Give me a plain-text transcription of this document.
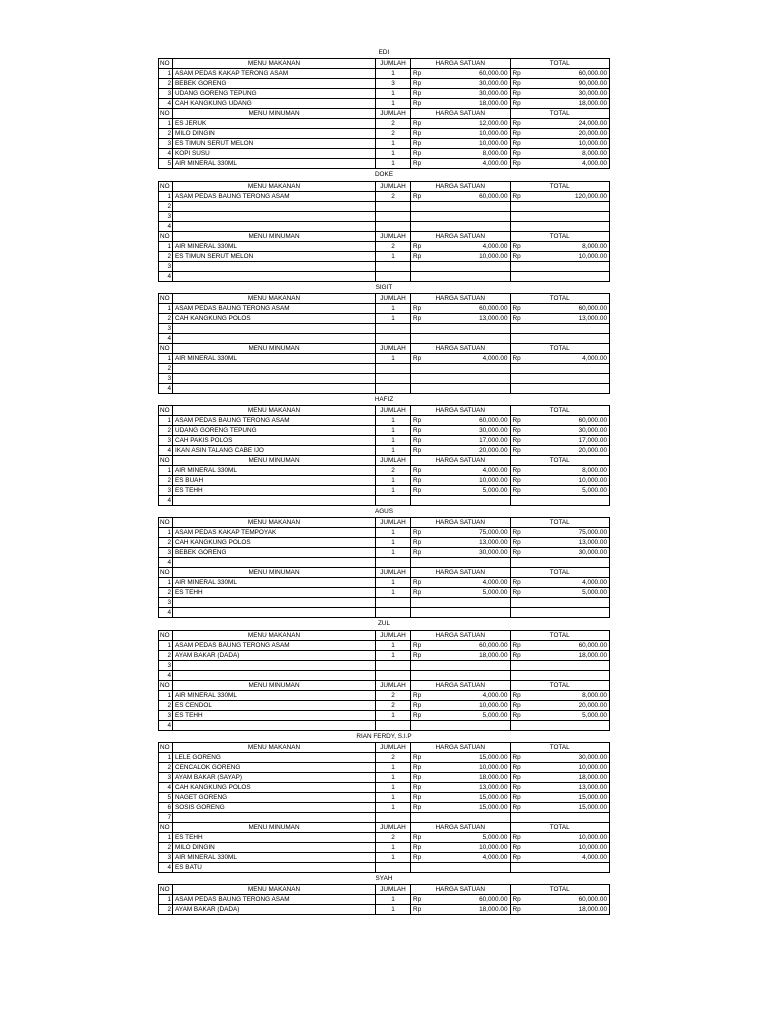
EDI
NO	MENU MAKANAN	JUMLAH	HARGA SATUAN		TOTAL	
1	ASAM PEDAS KAKAP TERONG ASAM	1	Rp	60,000.00	Rp	60,000.00
2	BEBEK GORENG	3	Rp	30,000.00	Rp	90,000.00
3	UDANG GORENG TEPUNG	1	Rp	30,000.00	Rp	30,000.00
4	CAH KANGKUNG UDANG	1	Rp	18,000.00	Rp	18,000.00
NO	MENU MINUMAN	JUMLAH	HARGA SATUAN		TOTAL	
1	ES JERUK	2	Rp	12,000.00	Rp	24,000.00
2	MILO DINGIN	2	Rp	10,000.00	Rp	20,000.00
3	ES TIMUN SERUT MELON	1	Rp	10,000.00	Rp	10,000.00
4	KOPI SUSU	1	Rp	8,000.00	Rp	8,000.00
5	AIR MINERAL 330ML	1	Rp	4,000.00	Rp	4,000.00
DOKE
NO	MENU MAKANAN	JUMLAH	HARGA SATUAN		TOTAL	
1	ASAM PEDAS BAUNG TERONG ASAM	2	Rp	60,000.00	Rp	120,000.00
2						
3						
4						
NO	MENU MINUMAN	JUMLAH	HARGA SATUAN		TOTAL	
1	AIR MINERAL 330ML	2	Rp	4,000.00	Rp	8,000.00
2	ES TIMUN SERUT MELON	1	Rp	10,000.00	Rp	10,000.00
3						
4						
SIGIT
NO	MENU MAKANAN	JUMLAH	HARGA SATUAN		TOTAL	
1	ASAM PEDAS BAUNG TERONG ASAM	1	Rp	60,000.00	Rp	60,000.00
2	CAH KANGKUNG POLOS	1	Rp	13,000.00	Rp	13,000.00
3						
4						
NO	MENU MINUMAN	JUMLAH	HARGA SATUAN		TOTAL	
1	AIR MINERAL 330ML	1	Rp	4,000.00	Rp	4,000.00
2						
3						
4						
HAFIZ
NO	MENU MAKANAN	JUMLAH	HARGA SATUAN		TOTAL	
1	ASAM PEDAS BAUNG TERONG ASAM	1	Rp	60,000.00	Rp	60,000.00
2	UDANG GORENG TEPUNG	1	Rp	30,000.00	Rp	30,000.00
3	CAH PAKIS POLOS	1	Rp	17,000.00	Rp	17,000.00
4	IKAN ASIN TALANG CABE IJO	1	Rp	20,000.00	Rp	20,000.00
NO	MENU MINUMAN	JUMLAH	HARGA SATUAN		TOTAL	
1	AIR MINERAL 330ML	2	Rp	4,000.00	Rp	8,000.00
2	ES BUAH	1	Rp	10,000.00	Rp	10,000.00
3	ES TEHH	1	Rp	5,000.00	Rp	5,000.00
4						
AGUS
NO	MENU MAKANAN	JUMLAH	HARGA SATUAN		TOTAL	
1	ASAM PEDAS KAKAP TEMPOYAK	1	Rp	75,000.00	Rp	75,000.00
2	CAH KANGKUNG POLOS	1	Rp	13,000.00	Rp	13,000.00
3	BEBEK GORENG	1	Rp	30,000.00	Rp	30,000.00
4						
NO	MENU MINUMAN	JUMLAH	HARGA SATUAN		TOTAL	
1	AIR MINERAL 330ML	1	Rp	4,000.00	Rp	4,000.00
2	ES TEHH	1	Rp	5,000.00	Rp	5,000.00
3						
4						
ZUL
NO	MENU MAKANAN	JUMLAH	HARGA SATUAN		TOTAL	
1	ASAM PEDAS BAUNG TERONG ASAM	1	Rp	60,000.00	Rp	60,000.00
2	AYAM BAKAR (DADA)	1	Rp	18,000.00	Rp	18,000.00
3						
4						
NO	MENU MINUMAN	JUMLAH	HARGA SATUAN		TOTAL	
1	AIR MINERAL 330ML	2	Rp	4,000.00	Rp	8,000.00
2	ES CENDOL	2	Rp	10,000.00	Rp	20,000.00
3	ES TEHH	1	Rp	5,000.00	Rp	5,000.00
4						
RIAN FERDY, S.I.P
NO	MENU MAKANAN	JUMLAH	HARGA SATUAN		TOTAL	
1	LELE GORENG	2	Rp	15,000.00	Rp	30,000.00
2	CENCALOK GORENG	1	Rp	10,000.00	Rp	10,000.00
3	AYAM BAKAR (SAYAP)	1	Rp	18,000.00	Rp	18,000.00
4	CAH KANGKUNG POLOS	1	Rp	13,000.00	Rp	13,000.00
5	NAGET GORENG	1	Rp	15,000.00	Rp	15,000.00
6	SOSIS GORENG	1	Rp	15,000.00	Rp	15,000.00
7						
NO	MENU MINUMAN	JUMLAH	HARGA SATUAN		TOTAL	
1	ES TEHH	2	Rp	5,000.00	Rp	10,000.00
2	MILO DINGIN	1	Rp	10,000.00	Rp	10,000.00
3	AIR MINERAL 330ML	1	Rp	4,000.00	Rp	4,000.00
4	ES BATU					
SYAH
NO	MENU MAKANAN	JUMLAH	HARGA SATUAN		TOTAL	
1	ASAM PEDAS BAUNG TERONG ASAM	1	Rp	60,000.00	Rp	60,000.00
2	AYAM BAKAR (DADA)	1	Rp	18,000.00	Rp	18,000.00
